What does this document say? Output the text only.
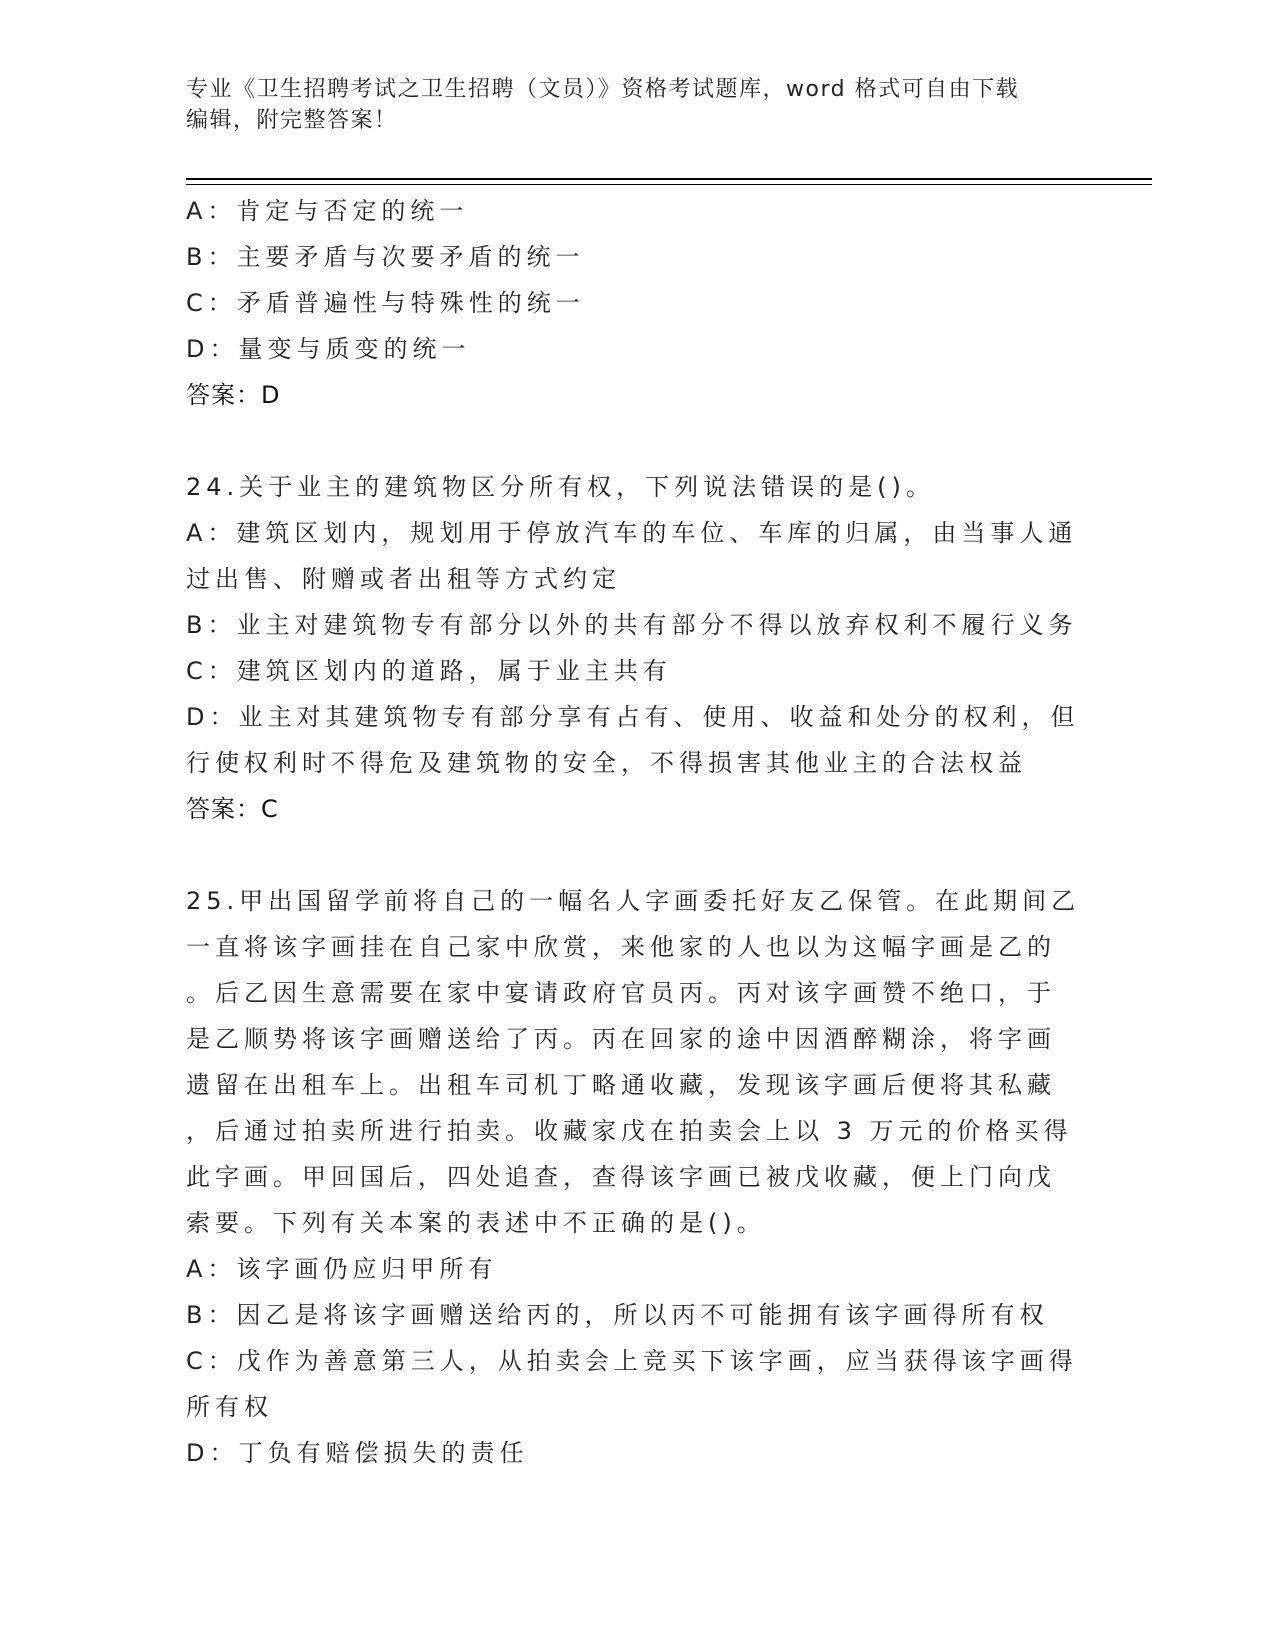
专业《卫生招聘考试之卫生招聘（文员）》资格考试题库，word 格式可自由下载
编辑，附完整答案！
A：肯定与否定的统一
B：主要矛盾与次要矛盾的统一
C：矛盾普遍性与特殊性的统一
D：量变与质变的统一
答案：D
24.关于业主的建筑物区分所有权，下列说法错误的是()。
A：建筑区划内，规划用于停放汽车的车位、车库的归属，由当事人通
过出售、附赠或者出租等方式约定
B：业主对建筑物专有部分以外的共有部分不得以放弃权利不履行义务
C：建筑区划内的道路，属于业主共有
D：业主对其建筑物专有部分享有占有、使用、收益和处分的权利，但
行使权利时不得危及建筑物的安全，不得损害其他业主的合法权益
答案：C
25.甲出国留学前将自己的一幅名人字画委托好友乙保管。在此期间乙
一直将该字画挂在自己家中欣赏，来他家的人也以为这幅字画是乙的
。后乙因生意需要在家中宴请政府官员丙。丙对该字画赞不绝口，于
是乙顺势将该字画赠送给了丙。丙在回家的途中因酒醉糊涂，将字画
遗留在出租车上。出租车司机丁略通收藏，发现该字画后便将其私藏
，后通过拍卖所进行拍卖。收藏家戊在拍卖会上以 3 万元的价格买得
此字画。甲回国后，四处追查，查得该字画已被戊收藏，便上门向戊
索要。下列有关本案的表述中不正确的是()。
A：该字画仍应归甲所有
B：因乙是将该字画赠送给丙的，所以丙不可能拥有该字画得所有权
C：戊作为善意第三人，从拍卖会上竞买下该字画，应当获得该字画得
所有权
D：丁负有赔偿损失的责任
